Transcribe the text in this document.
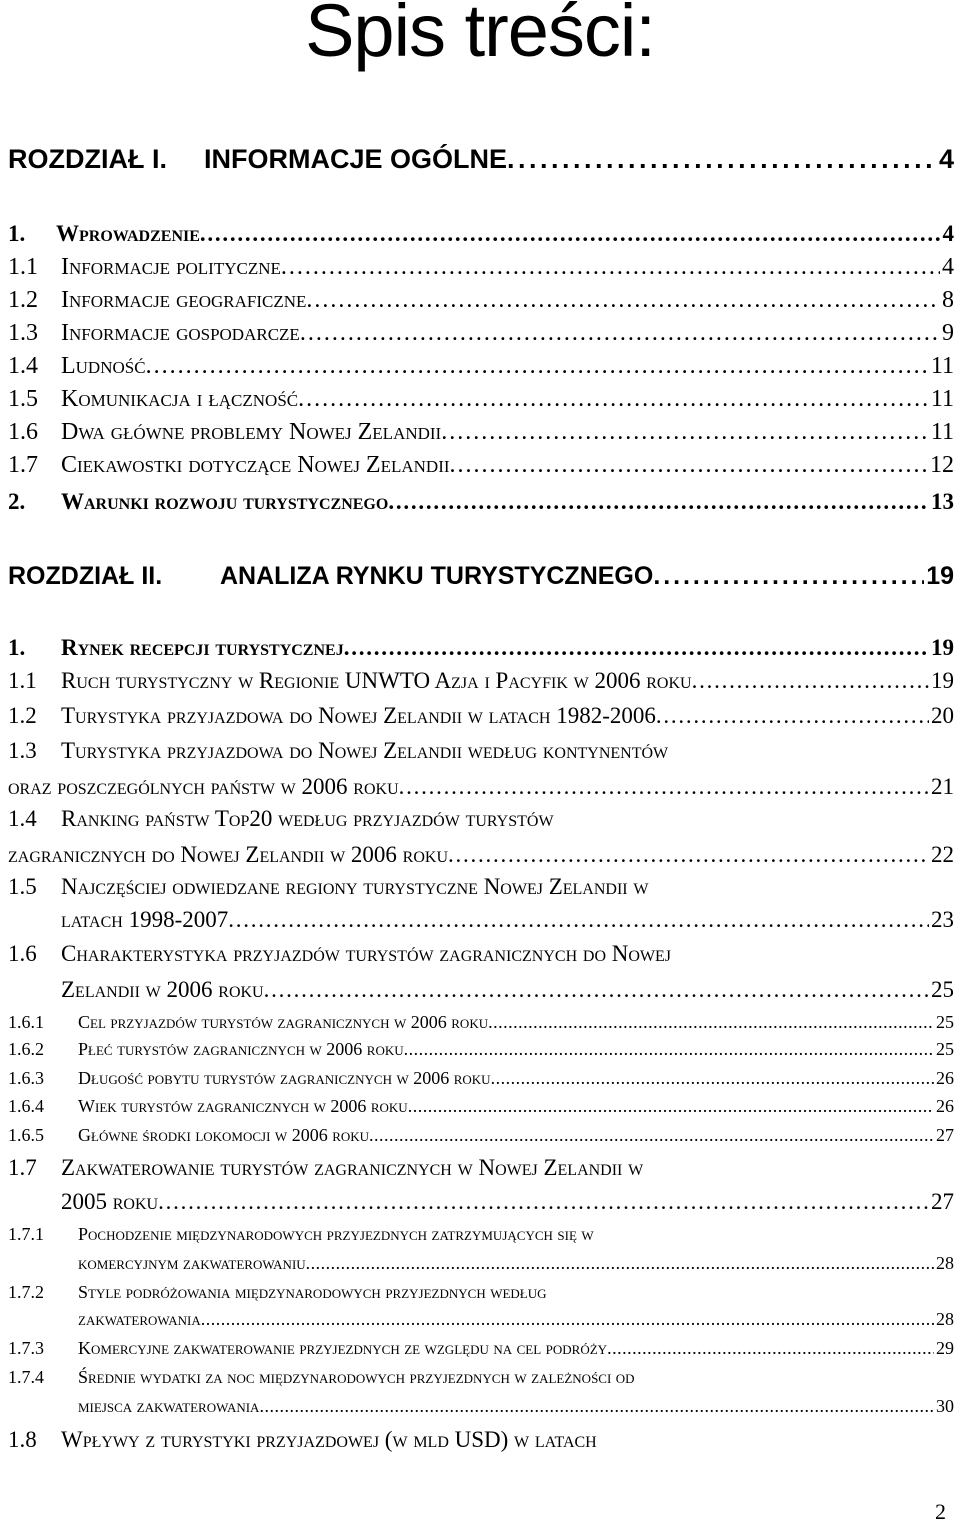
Spis treści:
ROZDZIAŁ I.	INFORMACJE OGÓLNE . . .	4
1.	Wprowadzenie . . .	4
1.1 Informacje polityczne . . .	4
1.2 Informacje geograficzne . . .	8
1.3 Informacje gospodarcze . . .	9
1.4 Ludność . . .	11
1.5 Komunikacja i łączność . . .	11
1.6 Dwa główne problemy Nowej Zelandii . . .	11
1.7 Ciekawostki dotyczące Nowej Zelandii . . .	12
2.	Warunki rozwoju turystycznego . . .	13
ROZDZIAŁ II.	ANALIZA RYNKU TURYSTYCZNEGO . . .	19
1.	Rynek recepcji turystycznej . . .	19
1.1	Ruch turystyczny w Regionie UNWTO Azja i Pacyfik w 2006 roku . . .	19
1.2	Turystyka przyjazdowa do Nowej Zelandii w latach 1982-2006 . . .	20
1.3 Turystyka przyjazdowa do Nowej Zelandii według kontynentów
oraz poszczególnych państw w 2006 roku . . .	21
1.4 Ranking państw Top20 według przyjazdów turystów
zagranicznych do Nowej Zelandii w 2006 roku . . .	22
1.5 Najczęściej odwiedzane regiony turystyczne Nowej Zelandii w
latach 1998-2007 . . .	23
1.6 Charakterystyka przyjazdów turystów zagranicznych do Nowej
Zelandii w 2006 roku . . .	25
1.6.1	Cel przyjazdów turystów zagranicznych w 2006 roku . . .	25
1.6.2	Płeć turystów zagranicznych w 2006 roku . . .	25
1.6.3	Długość pobytu turystów zagranicznych w 2006 roku . . .	26
1.6.4	Wiek turystów zagranicznych w 2006 roku . . .	26
1.6.5	Główne środki lokomocji w 2006 roku . . .	27
1.7 Zakwaterowanie turystów zagranicznych w Nowej Zelandii w
2005 roku . . .	27
1.7.1 Pochodzenie międzynarodowych przyjezdnych zatrzymujących się w
komercyjnym zakwaterowaniu . . .	28
1.7.2 Style podróżowania międzynarodowych przyjezdnych według
zakwaterowania . . .	28
1.7.3	Komercyjne zakwaterowanie przyjezdnych ze względu na cel podróży . . .	29
1.7.4 Średnie wydatki za noc międzynarodowych przyjezdnych w zależności od
miejsca zakwaterowania . . .	30
1.8 Wpływy z turystyki przyjazdowej (w mld USD) w latach
2
